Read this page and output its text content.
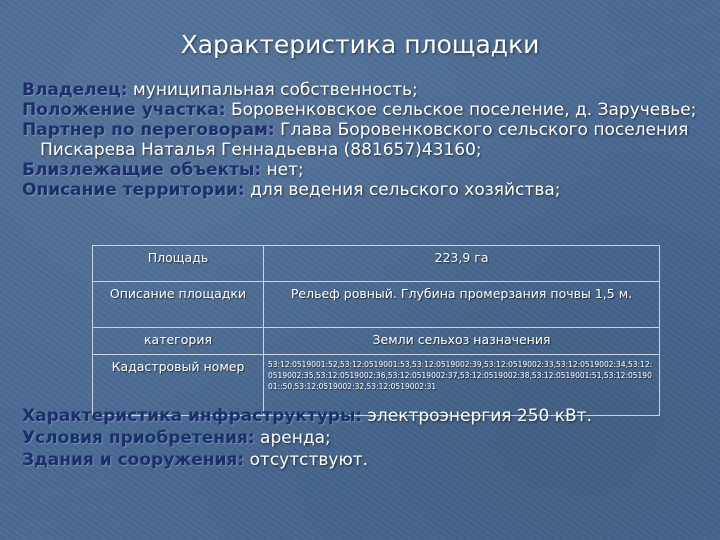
Характеристика площадки
Владелец: муниципальная собственность;
Положение участка: Боровенковское сельское поселение, д. Заручевье;
Партнер по переговорам: Глава Боровенковского сельского поселения Пискарева Наталья Геннадьевна (881657)43160;
Близлежащие объекты: нет;
Описание территории: для ведения сельского хозяйства;
Площадь	223,9 га
Описание площадки	Рельеф ровный. Глубина промерзания почвы 1,5 м.
категория	Земли сельхоз назначения
Кадастровый номер	53:12:0519001:52,53:12:0519001:53,53:12:0519002:39,53:12:0519002:33,53:12:0519002:34,53:12:0519002:35,53:12:0519002:36,53:12:0519002:37,53:12:0519002:38,53:12:0519001:51,53:12:0519001::50,53:12:0519002:32,53:12:0519002:31
Характеристика инфраструктуры: электроэнергия 250 кВт.
Условия приобретения: аренда;
Здания и сооружения: отсутствуют.
